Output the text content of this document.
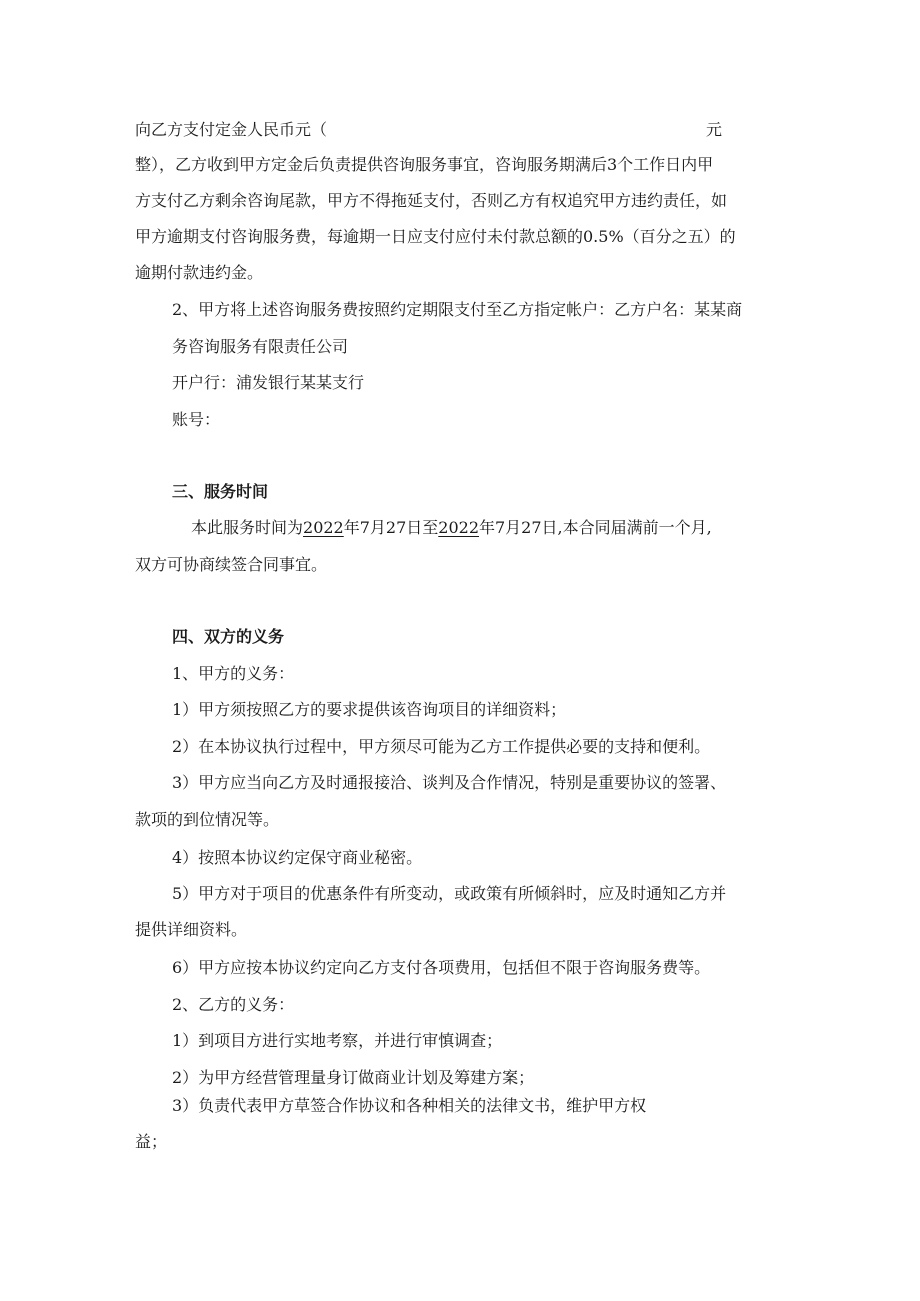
向乙方支付定金人民币元（	元
整），乙方收到甲方定金后负责提供咨询服务事宜，咨询服务期满后3个工作日内甲
方支付乙方剩余咨询尾款，甲方不得拖延支付，否则乙方有权追究甲方违约责任，如
甲方逾期支付咨询服务费，每逾期一日应支付应付未付款总额的0.5%（百分之五）的
逾期付款违约金。
2、甲方将上述咨询服务费按照约定期限支付至乙方指定帐户：乙方户名：某某商
务咨询服务有限责任公司
开户行：浦发银行某某支行
账号：
三、服务时间
本此服务时间为2022年7月27日至2022年7月27日,本合同届满前一个月,
双方可协商续签合同事宜。
四、双方的义务
1、甲方的义务：
1）甲方须按照乙方的要求提供该咨询项目的详细资料；
2）在本协议执行过程中，甲方须尽可能为乙方工作提供必要的支持和便利。
3）甲方应当向乙方及时通报接洽、谈判及合作情况，特别是重要协议的签署、
款项的到位情况等。
4）按照本协议约定保守商业秘密。
5）甲方对于项目的优惠条件有所变动，或政策有所倾斜时，应及时通知乙方并
提供详细资料。
6）甲方应按本协议约定向乙方支付各项费用，包括但不限于咨询服务费等。
2、乙方的义务：
1）到项目方进行实地考察，并进行审慎调查；
2）为甲方经营管理量身订做商业计划及筹建方案；
3）负责代表甲方草签合作协议和各种相关的法律文书，维护甲方权
益；
